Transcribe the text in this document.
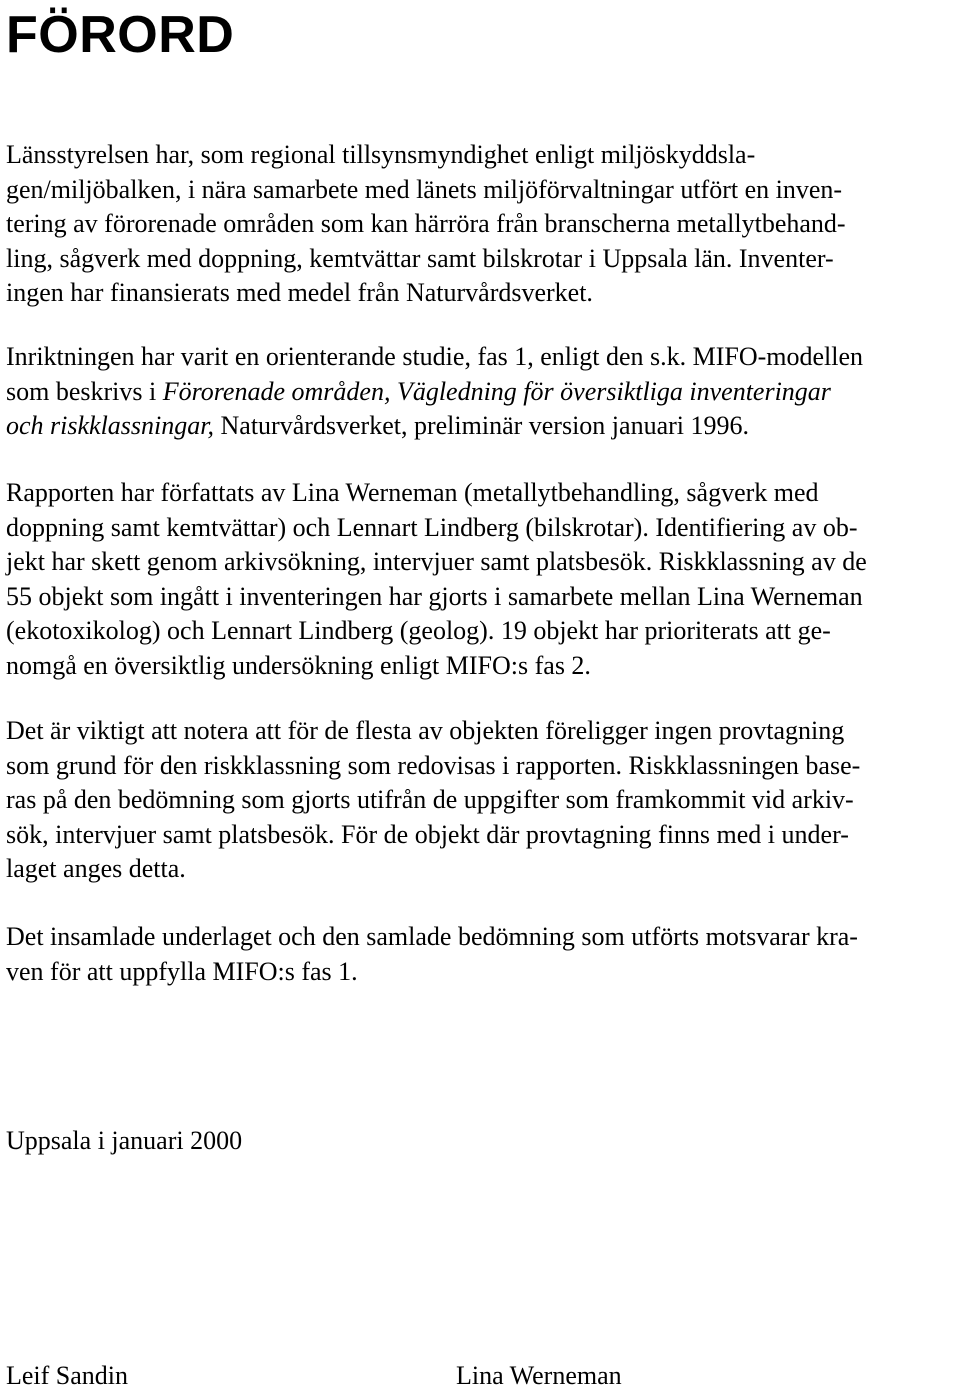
FÖRORD

Länsstyrelsen har, som regional tillsynsmyndighet enligt miljöskyddsla-
gen/miljöbalken, i nära samarbete med länets miljöförvaltningar utfört en inven-
tering av förorenade områden som kan härröra från branscherna metallytbehand-
ling, sågverk med doppning, kemtvättar samt bilskrotar i Uppsala län. Inventer-
ingen har finansierats med medel från Naturvårdsverket.

Inriktningen har varit en orienterande studie, fas 1, enligt den s.k. MIFO-modellen
som beskrivs i Förorenade områden, Vägledning för översiktliga inventeringar
och riskklassningar, Naturvårdsverket, preliminär version januari 1996.

Rapporten har författats av Lina Werneman (metallytbehandling, sågverk med
doppning samt kemtvättar) och Lennart Lindberg (bilskrotar). Identifiering av ob-
jekt har skett genom arkivsökning, intervjuer samt platsbesök. Riskklassning av de
55 objekt som ingått i inventeringen har gjorts i samarbete mellan Lina Werneman
(ekotoxikolog) och Lennart Lindberg (geolog). 19 objekt har prioriterats att ge-
nomgå en översiktlig undersökning enligt MIFO:s fas 2.

Det är viktigt att notera att för de flesta av objekten föreligger ingen provtagning
som grund för den riskklassning som redovisas i rapporten. Riskklassningen base-
ras på den bedömning som gjorts utifrån de uppgifter som framkommit vid arkiv-
sök, intervjuer samt platsbesök. För de objekt där provtagning finns med i under-
laget anges detta.

Det insamlade underlaget och den samlade bedömning som utförts motsvarar kra-
ven för att uppfylla MIFO:s fas 1.

Uppsala i januari 2000

Leif Sandin	Lina Werneman
